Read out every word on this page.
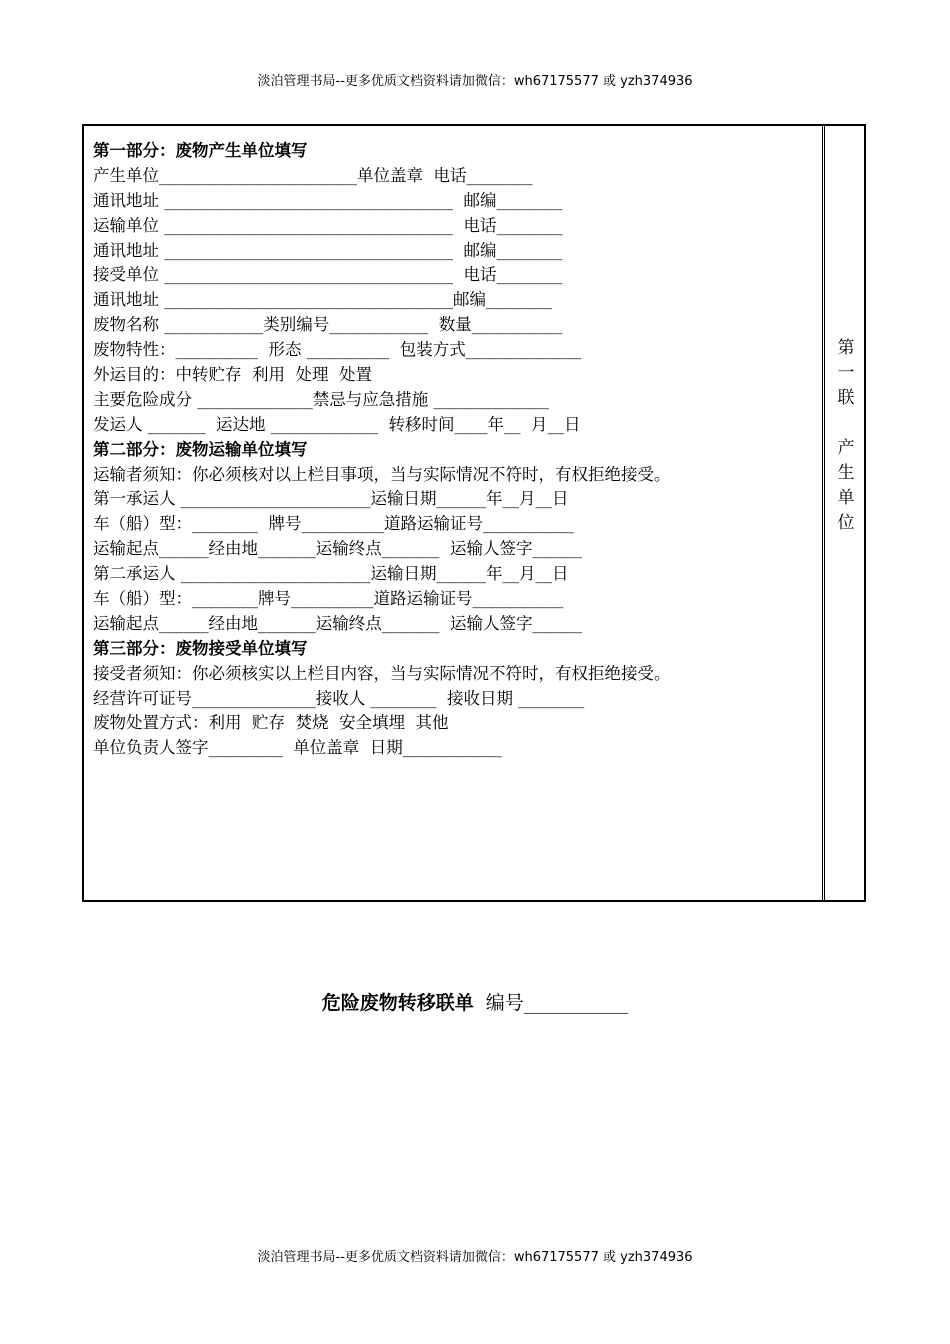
淡泊管理书局--更多优质文档资料请加微信：wh67175577 或 yzh374936
第一部分：废物产生单位填写
产生单位________________________单位盖章  电话________
通讯地址 ___________________________________  邮编________
运输单位 ___________________________________  电话________
通讯地址 ___________________________________  邮编________
接受单位 ___________________________________  电话________
通讯地址 ___________________________________邮编________
废物名称 ____________类别编号____________  数量___________
废物特性：__________  形态 __________  包装方式______________
外运目的：中转贮存  利用  处理  处置
主要危险成分 ______________禁忌与应急措施 ______________
发运人 _______  运达地 _____________  转移时间____年__  月__日
第二部分：废物运输单位填写
运输者须知：你必须核对以上栏目事项，当与实际情况不符时，有权拒绝接受。
第一承运人 _______________________运输日期______年__月__日
车（船）型：________  牌号__________道路运输证号___________
运输起点______经由地_______运输终点_______  运输人签字______
第二承运人 _______________________运输日期______年__月__日
车（船）型：________牌号__________道路运输证号___________
运输起点______经由地_______运输终点_______  运输人签字______
第三部分：废物接受单位填写
接受者须知：你必须核实以上栏目内容，当与实际情况不符时，有权拒绝接受。
经营许可证号_______________接收人 ________  接收日期 ________
废物处置方式：利用  贮存  焚烧  安全填埋  其他
单位负责人签字_________  单位盖章  日期____________
第
一
联
产
生
单
位
危险废物转移联单 编号___________
淡泊管理书局--更多优质文档资料请加微信：wh67175577 或 yzh374936
